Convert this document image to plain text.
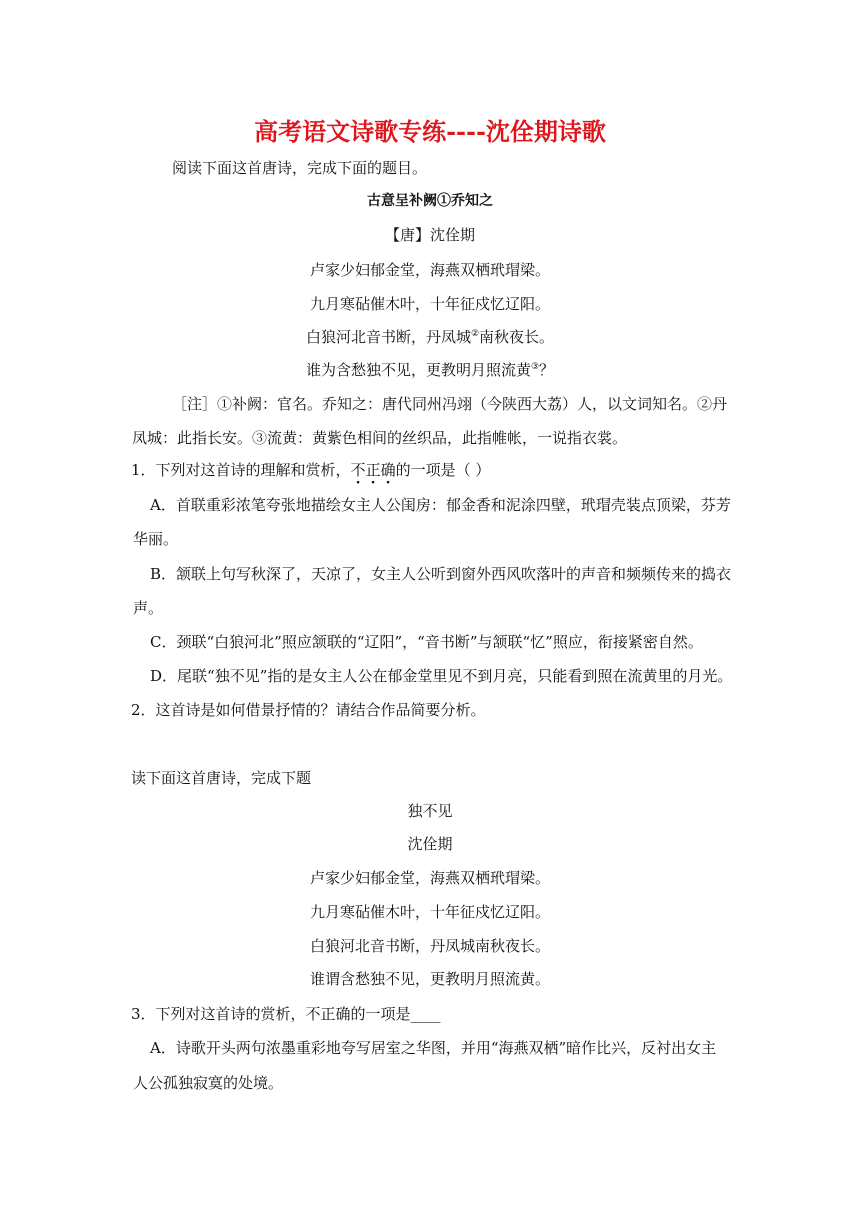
高考语文诗歌专练----沈佺期诗歌
阅读下面这首唐诗，完成下面的题目。
古意呈补阙①乔知之
【唐】沈佺期
卢家少妇郁金堂，海燕双栖玳瑁梁。
九月寒砧催木叶，十年征戍忆辽阳。
白狼河北音书断，丹凤城②南秋夜长。
谁为含愁独不见，更教明月照流黄③？
［注］①补阙：官名。乔知之：唐代同州冯翊（今陕西大荔）人，以文词知名。②丹
凤城：此指长安。③流黄：黄紫色相间的丝织品，此指帷帐，一说指衣裳。
1．下列对这首诗的理解和赏析，不正确的一项是（ ）
A．首联重彩浓笔夸张地描绘女主人公闺房：郁金香和泥涂四壁，玳瑁壳装点顶梁，芬芳
华丽。
B．颔联上句写秋深了，天凉了，女主人公听到窗外西风吹落叶的声音和频频传来的捣衣
声。
C．颈联“白狼河北”照应颔联的“辽阳”，“音书断”与颔联“忆”照应，衔接紧密自然。
D．尾联“独不见”指的是女主人公在郁金堂里见不到月亮，只能看到照在流黄里的月光。
2．这首诗是如何借景抒情的？请结合作品简要分析。
读下面这首唐诗，完成下题
独不见
沈佺期
卢家少妇郁金堂，海燕双栖玳瑁梁。
九月寒砧催木叶，十年征戍忆辽阳。
白狼河北音书断，丹凤城南秋夜长。
谁谓含愁独不见，更教明月照流黄。
3．下列对这首诗的赏析，不正确的一项是____
A．诗歌开头两句浓墨重彩地夸写居室之华图，并用“海燕双栖”暗作比兴，反衬出女主
人公孤独寂寞的处境。
